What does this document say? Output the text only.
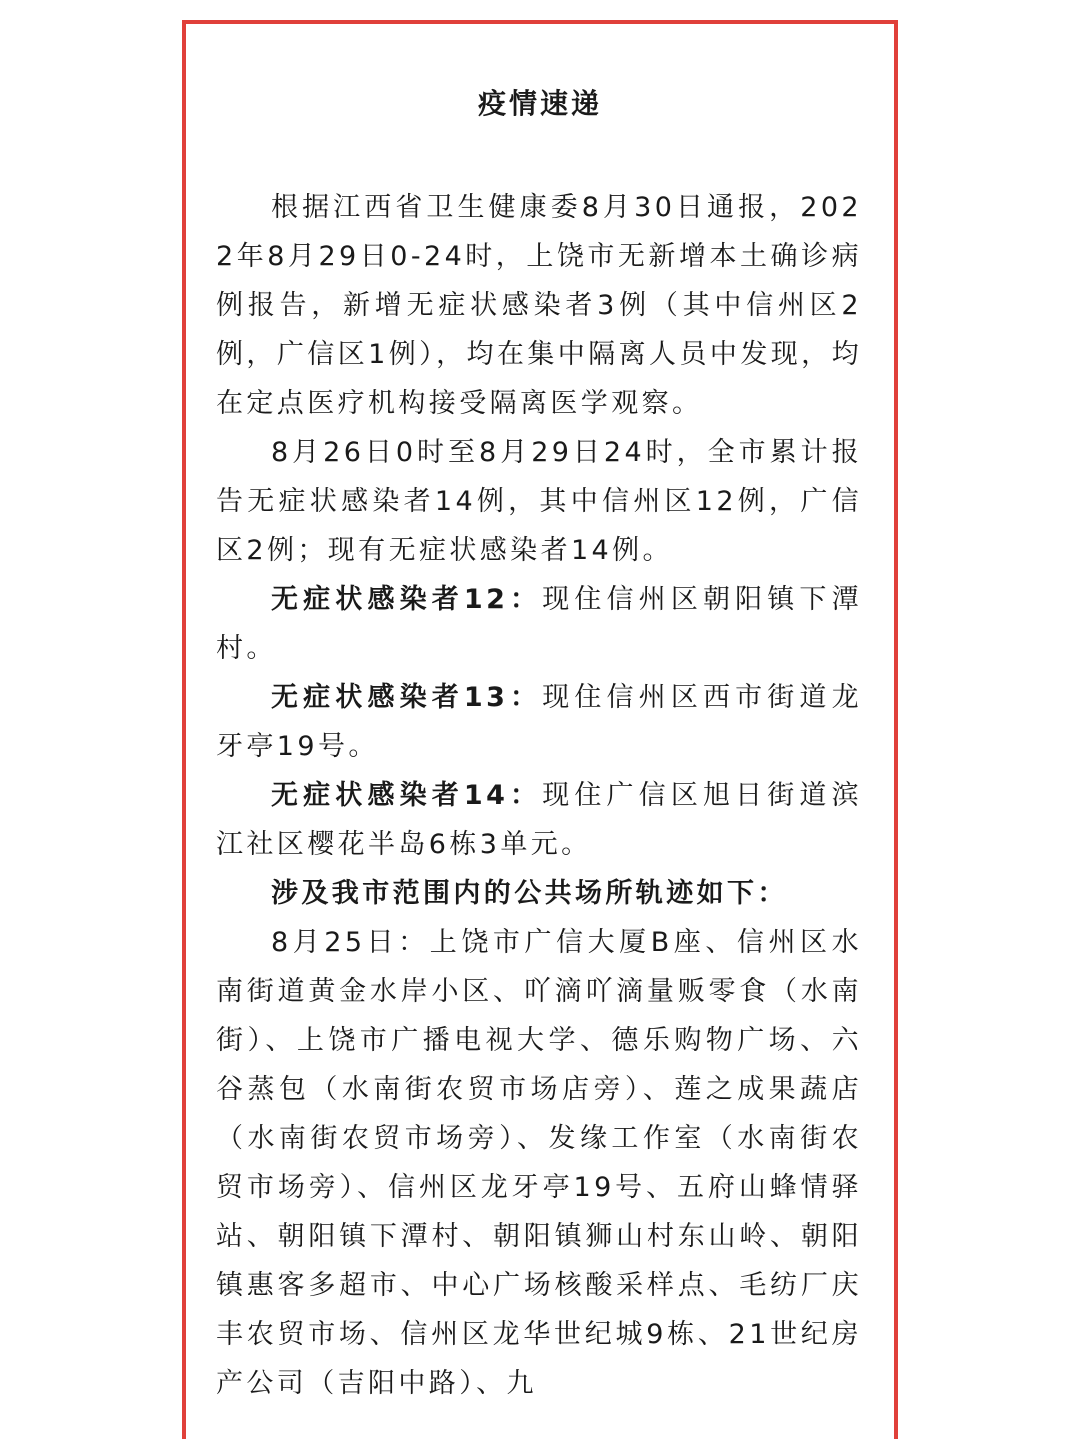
疫情速递

根据江西省卫生健康委8月30日通报，2022年8月29日0-24时，上饶市无新增本土确诊病例报告，新增无症状感染者3例（其中信州区2例，广信区1例），均在集中隔离人员中发现，均在定点医疗机构接受隔离医学观察。

8月26日0时至8月29日24时，全市累计报告无症状感染者14例，其中信州区12例，广信区2例；现有无症状感染者14例。

无症状感染者12：现住信州区朝阳镇下潭村。

无症状感染者13：现住信州区西市街道龙牙亭19号。

无症状感染者14：现住广信区旭日街道滨江社区樱花半岛6栋3单元。

涉及我市范围内的公共场所轨迹如下：

8月25日：上饶市广信大厦B座、信州区水南街道黄金水岸小区、吖滴吖滴量贩零食（水南街）、上饶市广播电视大学、德乐购物广场、六谷蒸包（水南街农贸市场店旁）、莲之成果蔬店（水南街农贸市场旁）、发缘工作室（水南街农贸市场旁）、信州区龙牙亭19号、五府山蜂情驿站、朝阳镇下潭村、朝阳镇狮山村东山岭、朝阳镇惠客多超市、中心广场核酸采样点、毛纺厂庆丰农贸市场、信州区龙华世纪城9栋、21世纪房产公司（吉阳中路）、九
